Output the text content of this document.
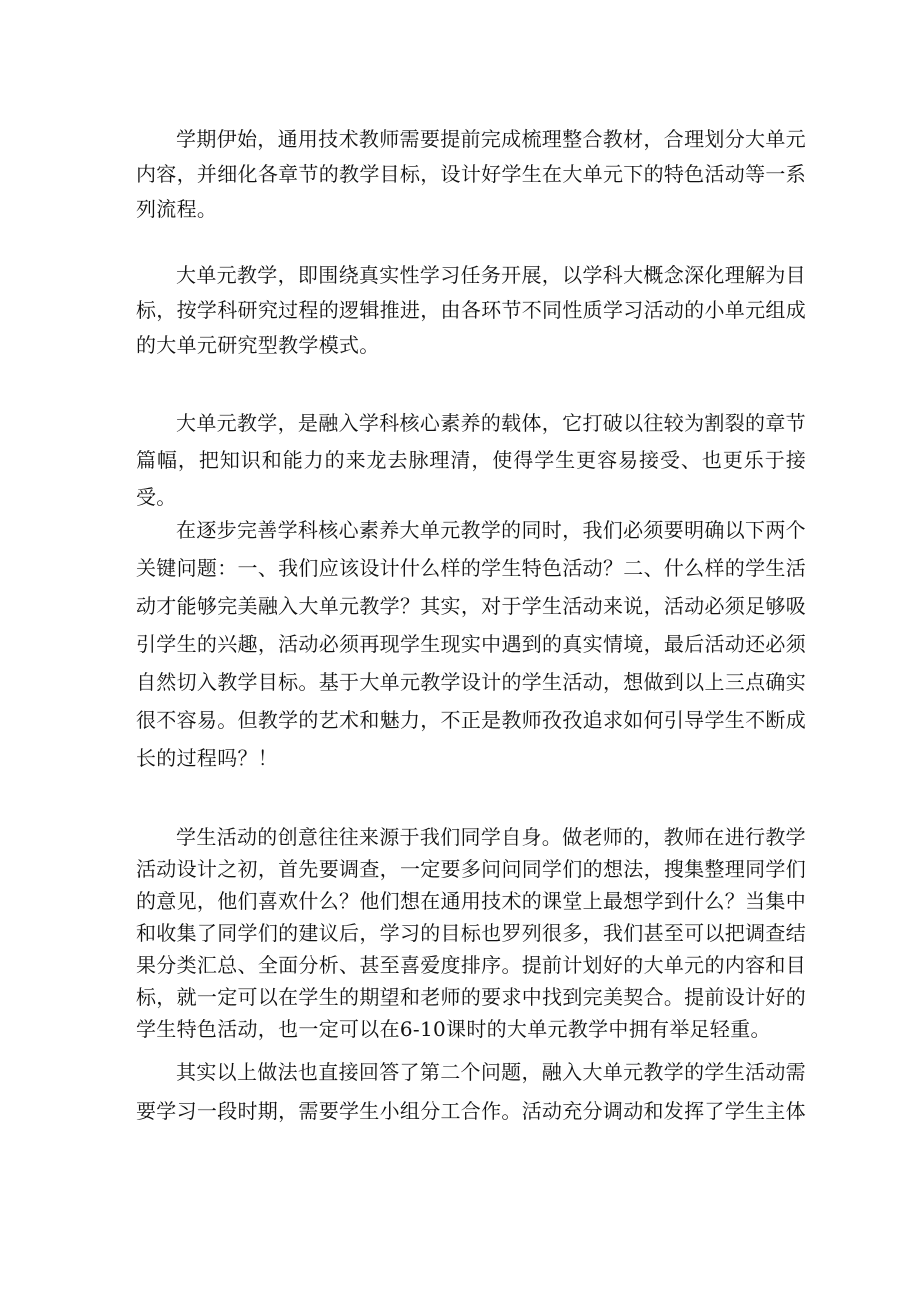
学期伊始，通用技术教师需要提前完成梳理整合教材，合理划分大单元内容，并细化各章节的教学目标，设计好学生在大单元下的特色活动等一系列流程。

大单元教学，即围绕真实性学习任务开展，以学科大概念深化理解为目标，按学科研究过程的逻辑推进，由各环节不同性质学习活动的小单元组成的大单元研究型教学模式。

大单元教学，是融入学科核心素养的载体，它打破以往较为割裂的章节篇幅，把知识和能力的来龙去脉理清，使得学生更容易接受、也更乐于接受。

在逐步完善学科核心素养大单元教学的同时，我们必须要明确以下两个关键问题：一、我们应该设计什么样的学生特色活动？二、什么样的学生活动才能够完美融入大单元教学？其实，对于学生活动来说，活动必须足够吸引学生的兴趣，活动必须再现学生现实中遇到的真实情境，最后活动还必须自然切入教学目标。基于大单元教学设计的学生活动，想做到以上三点确实很不容易。但教学的艺术和魅力，不正是教师孜孜追求如何引导学生不断成长的过程吗？！

学生活动的创意往往来源于我们同学自身。做老师的，教师在进行教学活动设计之初，首先要调查，一定要多问问同学们的想法，搜集整理同学们的意见，他们喜欢什么？他们想在通用技术的课堂上最想学到什么？当集中和收集了同学们的建议后，学习的目标也罗列很多，我们甚至可以把调查结果分类汇总、全面分析、甚至喜爱度排序。提前计划好的大单元的内容和目标，就一定可以在学生的期望和老师的要求中找到完美契合。提前设计好的学生特色活动，也一定可以在6-10课时的大单元教学中拥有举足轻重。

其实以上做法也直接回答了第二个问题，融入大单元教学的学生活动需要学习一段时期，需要学生小组分工合作。活动充分调动和发挥了学生主体
